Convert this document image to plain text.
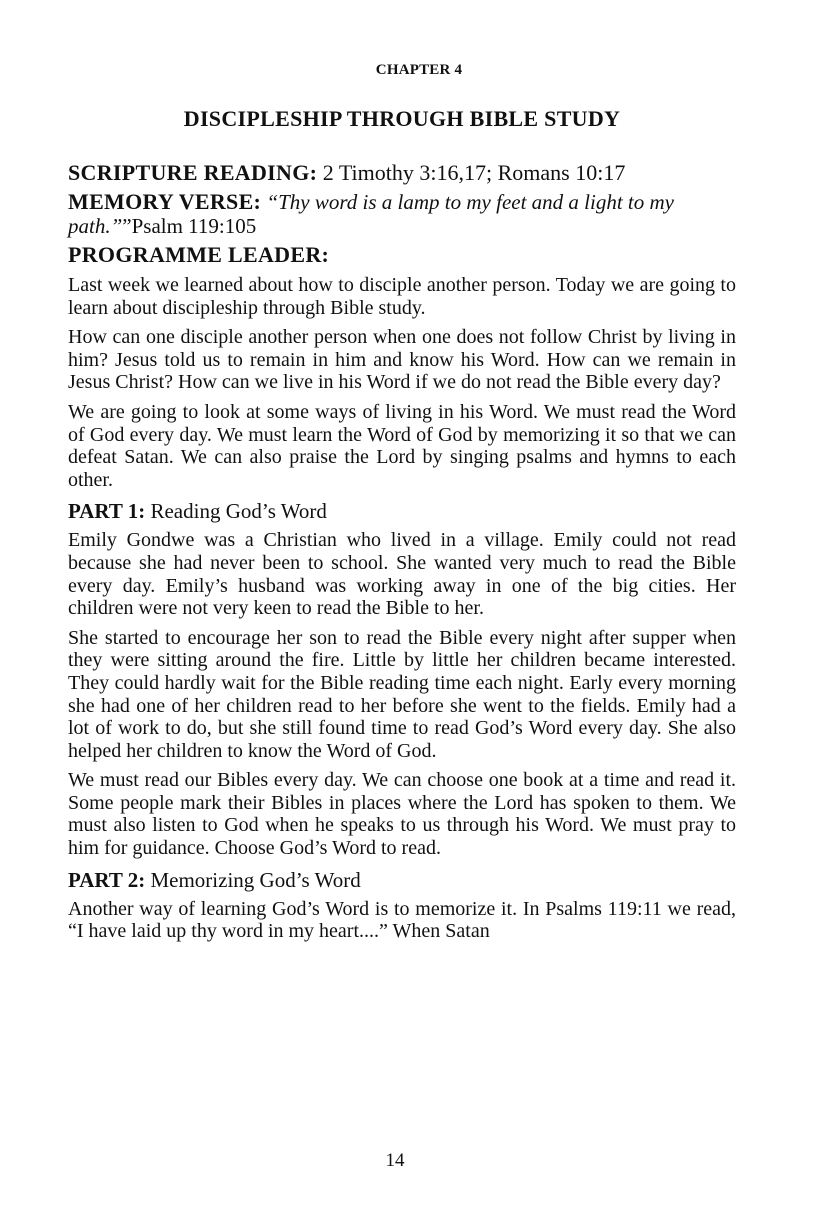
CHAPTER 4
DISCIPLESHIP THROUGH BIBLE STUDY

SCRIPTURE READING: 2 Timothy 3:16,17; Romans 10:17

MEMORY VERSE: “Thy word is a lamp to my feet and a light to my path.””Psalm 119:105

PROGRAMME LEADER:

Last week we learned about how to disciple another person. Today we are going to learn about discipleship through Bible study.

How can one disciple another person when one does not follow Christ by living in him? Jesus told us to remain in him and know his Word. How can we remain in Jesus Christ? How can we live in his Word if we do not read the Bible every day?

We are going to look at some ways of living in his Word. We must read the Word of God every day. We must learn the Word of God by memorizing it so that we can defeat Satan. We can also praise the Lord by singing psalms and hymns to each other.

PART 1: Reading God’s Word

Emily Gondwe was a Christian who lived in a village. Emily could not read because she had never been to school. She wanted very much to read the Bible every day. Emily’s husband was working away in one of the big cities. Her children were not very keen to read the Bible to her.

She started to encourage her son to read the Bible every night after supper when they were sitting around the fire. Little by little her children became interested. They could hardly wait for the Bible reading time each night. Early every morning she had one of her children read to her before she went to the fields. Emily had a lot of work to do, but she still found time to read God’s Word every day. She also helped her children to know the Word of God.

We must read our Bibles every day. We can choose one book at a time and read it. Some people mark their Bibles in places where the Lord has spoken to them. We must also listen to God when he speaks to us through his Word. We must pray to him for guidance. Choose God’s Word to read.

PART 2: Memorizing God’s Word

Another way of learning God’s Word is to memorize it. In Psalms 119:11 we read, “I have laid up thy word in my heart....” When Satan

14
